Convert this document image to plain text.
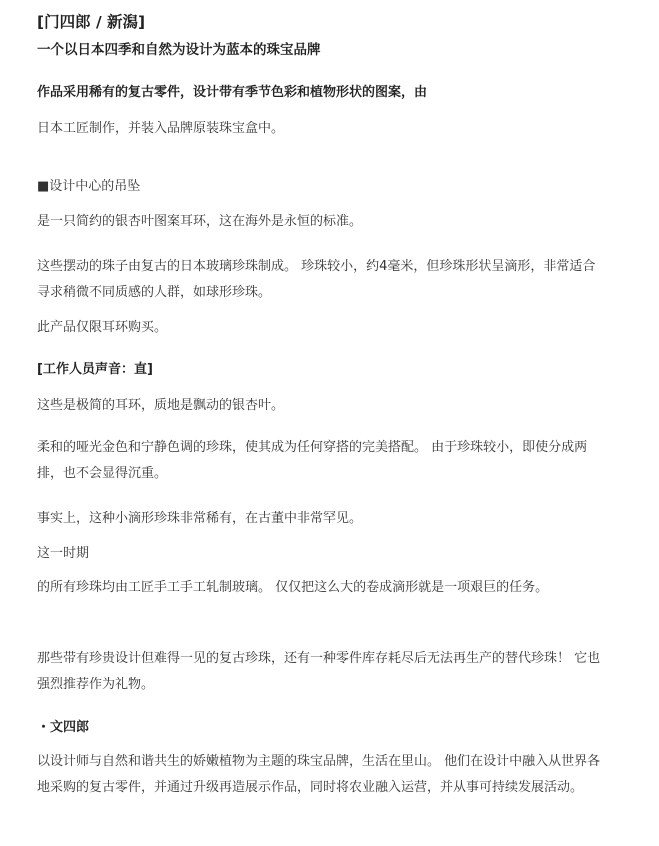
[门四郎 / 新潟]
一个以日本四季和自然为设计为蓝本的珠宝品牌
作品采用稀有的复古零件，设计带有季节色彩和植物形状的图案，由
日本工匠制作，并装入品牌原装珠宝盒中。
■设计中心的吊坠
是一只简约的银杏叶图案耳环，这在海外是永恒的标准。
这些摆动的珠子由复古的日本玻璃珍珠制成。 珍珠较小，约4毫米，但珍珠形状呈滴形，非常适合寻求稍微不同质感的人群，如球形珍珠。
此产品仅限耳环购买。
[工作人员声音：直]
这些是极简的耳环，质地是飘动的银杏叶。
柔和的哑光金色和宁静色调的珍珠，使其成为任何穿搭的完美搭配。 由于珍珠较小，即使分成两排，也不会显得沉重。
事实上，这种小滴形珍珠非常稀有，在古董中非常罕见。
这一时期
的所有珍珠均由工匠手工手工轧制玻璃。 仅仅把这么大的卷成滴形就是一项艰巨的任务。
那些带有珍贵设计但难得一见的复古珍珠，还有一种零件库存耗尽后无法再生产的替代珍珠！ 它也强烈推荐作为礼物。
・文四郎
以设计师与自然和谐共生的娇嫩植物为主题的珠宝品牌，生活在里山。 他们在设计中融入从世界各地采购的复古零件，并通过升级再造展示作品，同时将农业融入运营，并从事可持续发展活动。
